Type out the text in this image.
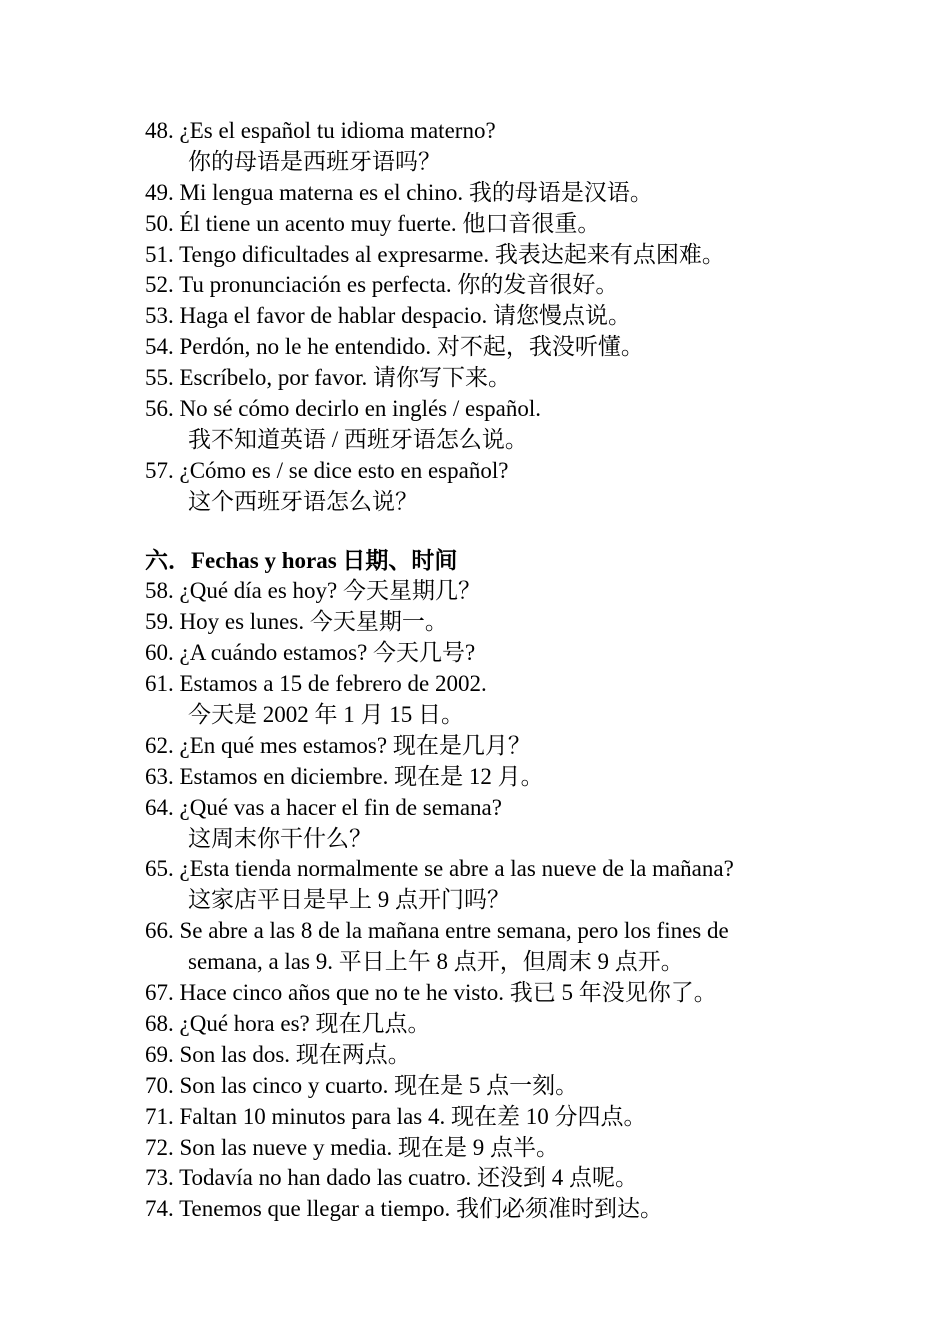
48. ¿Es el español tu idioma materno?
你的母语是西班牙语吗？
49. Mi lengua materna es el chino. 我的母语是汉语。
50. Él tiene un acento muy fuerte. 他口音很重。
51. Tengo dificultades al expresarme. 我表达起来有点困难。
52. Tu pronunciación es perfecta. 你的发音很好。
53. Haga el favor de hablar despacio. 请您慢点说。
54. Perdón, no le he entendido. 对不起，我没听懂。
55. Escríbelo, por favor. 请你写下来。
56. No sé cómo decirlo en inglés / español.
我不知道英语 / 西班牙语怎么说。
57. ¿Cómo es / se dice esto en español?
这个西班牙语怎么说？
六．Fechas y horas 日期、时间
58. ¿Qué día es hoy? 今天星期几？
59. Hoy es lunes. 今天星期一。
60. ¿A cuándo estamos? 今天几号?
61. Estamos a 15 de febrero de 2002.
今天是 2002 年 1 月 15 日。
62. ¿En qué mes estamos? 现在是几月？
63. Estamos en diciembre. 现在是 12 月。
64. ¿Qué vas a hacer el fin de semana?
这周末你干什么？
65. ¿Esta tienda normalmente se abre a las nueve de la mañana?
这家店平日是早上 9 点开门吗？
66. Se abre a las 8 de la mañana entre semana, pero los fines de
semana, a las 9. 平日上午 8 点开，但周末 9 点开。
67. Hace cinco años que no te he visto. 我已 5 年没见你了。
68. ¿Qué hora es? 现在几点。
69. Son las dos. 现在两点。
70. Son las cinco y cuarto. 现在是 5 点一刻。
71. Faltan 10 minutos para las 4. 现在差 10 分四点。
72. Son las nueve y media. 现在是 9 点半。
73. Todavía no han dado las cuatro. 还没到 4 点呢。
74. Tenemos que llegar a tiempo. 我们必须准时到达。
